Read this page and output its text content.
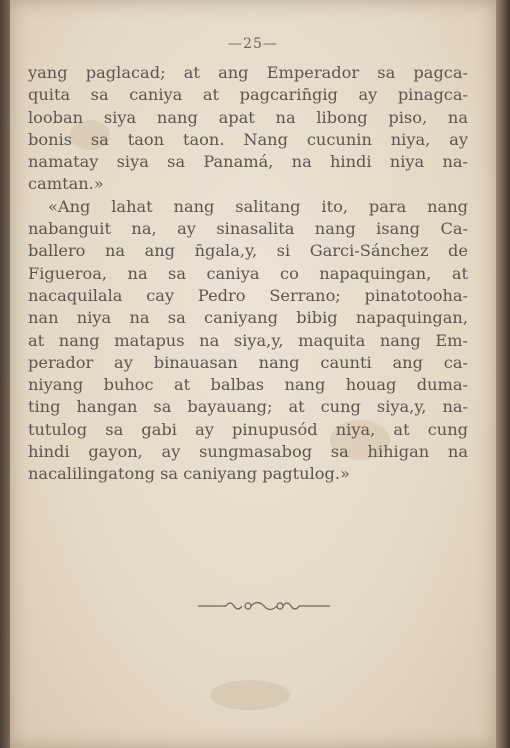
—25—
yang paglacad; at ang Emperador sa pagca-
quita sa caniya at pagcarin̄gig ay pinagca-
looban siya nang apat na libong piso, na
bonis sa taon taon. Nang cucunin niya, ay
namatay siya sa Panamá, na hindi niya na-
camtan.»
«Ang lahat nang salitang ito, para nang
nabanguit na, ay sinasalita nang isang Ca-
ballero na ang n̄gala,y, si Garci-Sánchez de
Figueroa, na sa caniya co napaquingan, at
nacaquilala cay Pedro Serrano; pinatotooha-
nan niya na sa caniyang bibig napaquingan,
at nang matapus na siya,y, maquita nang Em-
perador ay binauasan nang caunti ang ca-
niyang buhoc at balbas nang houag duma-
ting hangan sa bayauang; at cung siya,y, na-
tutulog sa gabi ay pinupusód niya, at cung
hindi gayon, ay sungmasabog sa hihigan na
nacalilingatong sa caniyang pagtulog.»
